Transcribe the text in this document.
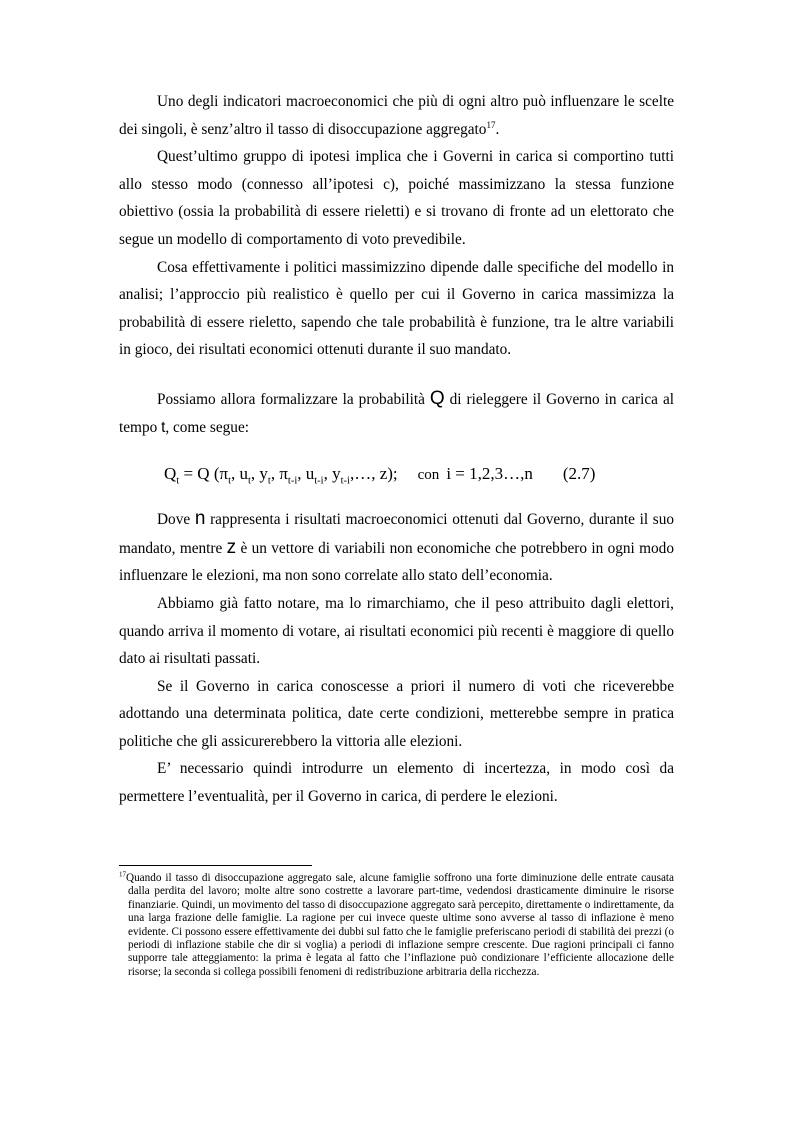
Uno degli indicatori macroeconomici che più di ogni altro può influenzare le scelte dei singoli, è senz’altro il tasso di disoccupazione aggregato$^{17}$.

Quest’ultimo gruppo di ipotesi implica che i Governi in carica si comportino tutti allo stesso modo (connesso all’ipotesi c), poiché massimizzano la stessa funzione obiettivo (ossia la probabilità di essere rieletti) e si trovano di fronte ad un elettorato che segue un modello di comportamento di voto prevedibile.

Cosa effettivamente i politici massimizzino dipende dalle specifiche del modello in analisi; l’approccio più realistico è quello per cui il Governo in carica massimizza la probabilità di essere rieletto, sapendo che tale probabilità è funzione, tra le altre variabili in gioco, dei risultati economici ottenuti durante il suo mandato.

Possiamo allora formalizzare la probabilità Q di rieleggere il Governo in carica al tempo t, come segue:

$Q_t = Q$ ($\pi_t$, $u_t$, $y_t$, $\pi_{t-i}$, $u_{t-i}$, $y_{t-i},\dots$, z); con i = 1,2,3…,n (2.7)

Dove n rappresenta i risultati macroeconomici ottenuti dal Governo, durante il suo mandato, mentre z è un vettore di variabili non economiche che potrebbero in ogni modo influenzare le elezioni, ma non sono correlate allo stato dell’economia.

Abbiamo già fatto notare, ma lo rimarchiamo, che il peso attribuito dagli elettori, quando arriva il momento di votare, ai risultati economici più recenti è maggiore di quello dato ai risultati passati.

Se il Governo in carica conoscesse a priori il numero di voti che riceverebbe adottando una determinata politica, date certe condizioni, metterebbe sempre in pratica politiche che gli assicurerebbero la vittoria alle elezioni.

E’ necessario quindi introdurre un elemento di incertezza, in modo così da permettere l’eventualità, per il Governo in carica, di perdere le elezioni.

$^{17}$Quando il tasso di disoccupazione aggregato sale, alcune famiglie soffrono una forte diminuzione delle entrate causata dalla perdita del lavoro; molte altre sono costrette a lavorare part-time, vedendosi drasticamente diminuire le risorse finanziarie. Quindi, un movimento del tasso di disoccupazione aggregato sarà percepito, direttamente o indirettamente, da una larga frazione delle famiglie. La ragione per cui invece queste ultime sono avverse al tasso di inflazione è meno evidente. Ci possono essere effettivamente dei dubbi sul fatto che le famiglie preferiscano periodi di stabilità dei prezzi (o periodi di inflazione stabile che dir si voglia) a periodi di inflazione sempre crescente. Due ragioni principali ci fanno supporre tale atteggiamento: la prima è legata al fatto che l’inflazione può condizionare l’efficiente allocazione delle risorse; la seconda si collega possibili fenomeni di redistribuzione arbitraria della ricchezza.
